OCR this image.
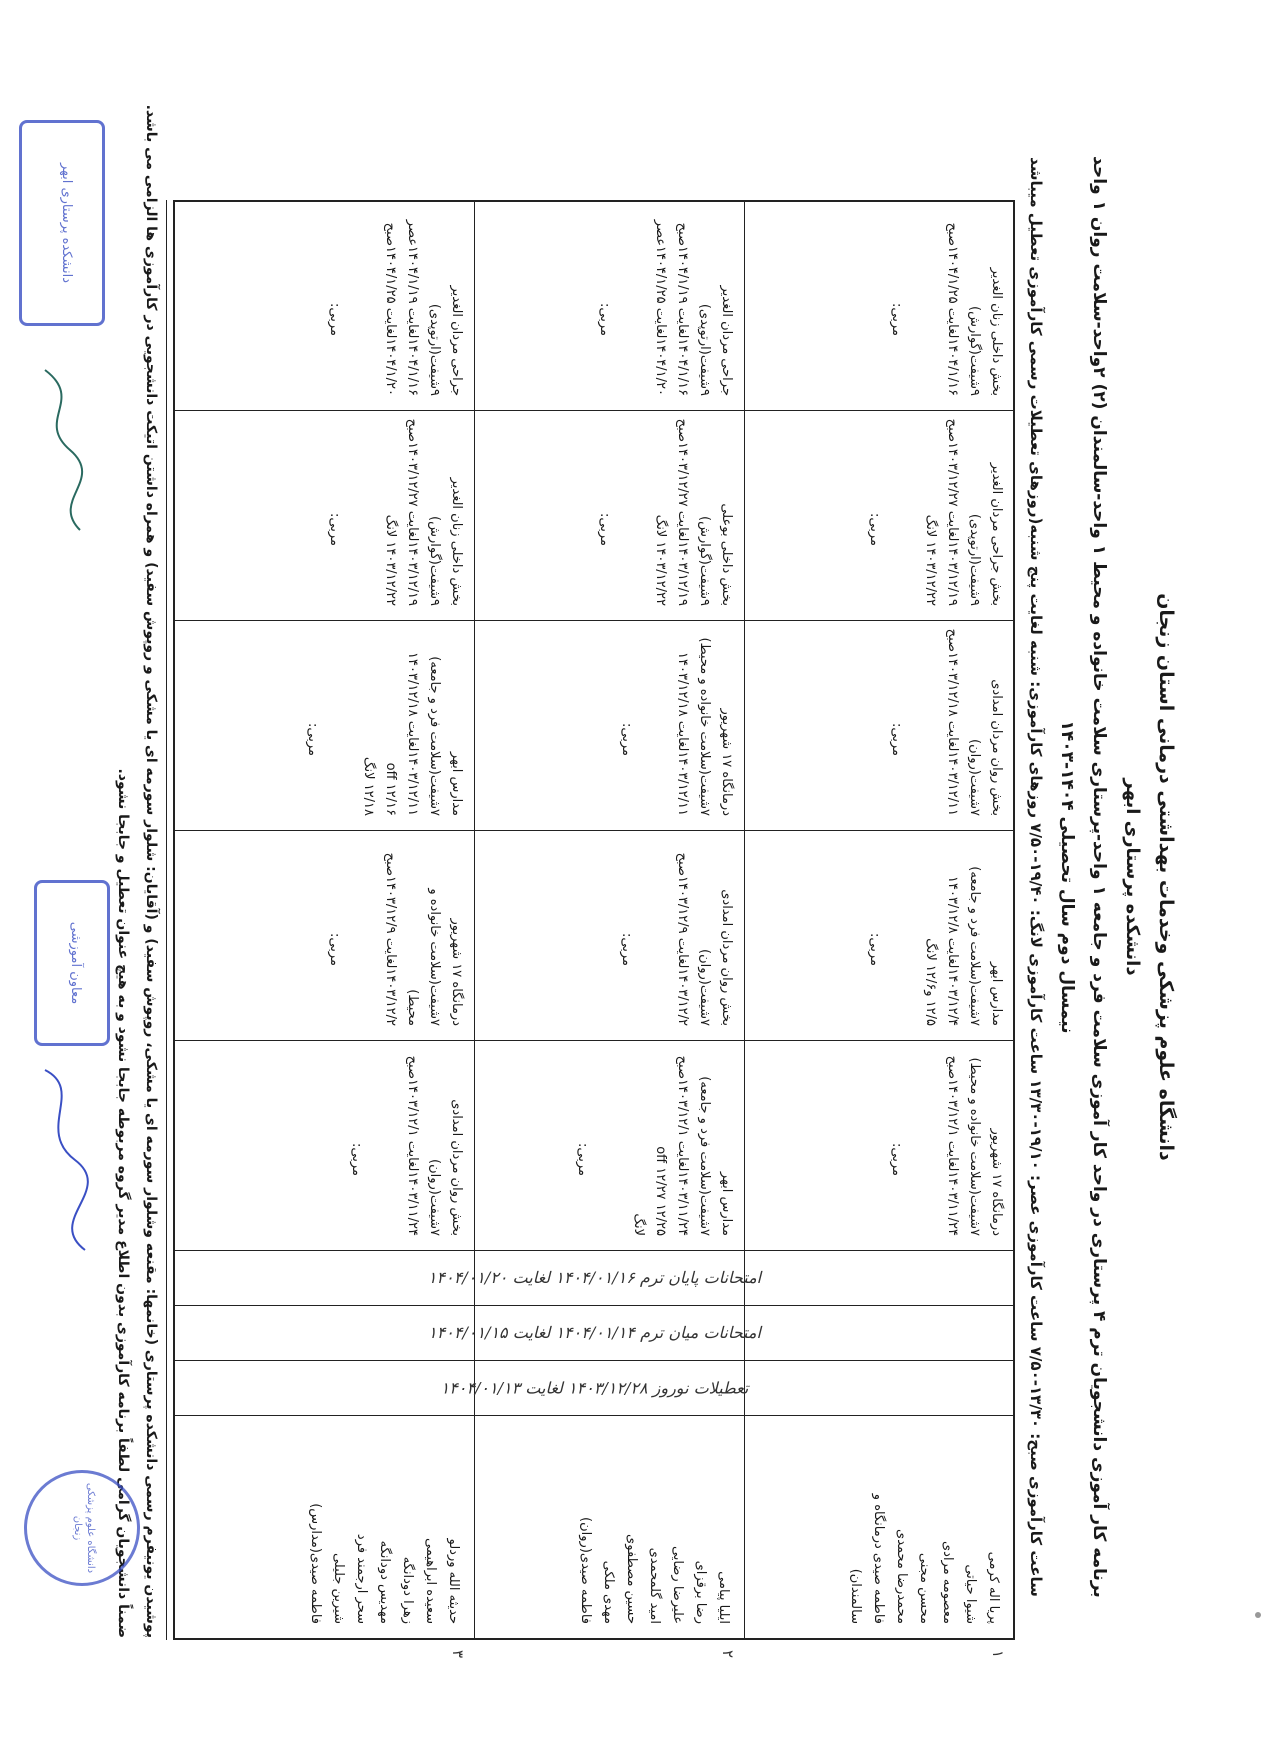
دانشگاه علوم پزشکی وخدمات بهداشتی درمانی استان زنجان
دانشکده پرستاری ابهر
برنامه کار آموزی دانشجویان ترم ۴ پرستاری در واحد کار آموزی سلامت فرد و جامعه ۱ واحد-پرستاری سلامت خانواده و محیط ۱ واحد-سالمندان (۲) ۲واحد-سلامت روان ۱ واحد
نیمسال دوم سال تحصیلی ۱۴۰۴-۱۴۰۳
ساعت کارآموزی صبح: ۱۳/۳۰-۷/۵۰ ساعت کارآموزی عصر: ۱۹/۱۰-۱۳/۳۰ ساعت کارآموزی لانگ: ۱۹/۴۰-۷/۵۰ روزهای کارآموزی: شنبه لغایت پنج شنبه(روزهای تعطیلات رسمی کارآموزی تعطیل میباشد
امتحانات پایان ترم ۱۴۰۴/۰۱/۱۶ لغایت ۱۴۰۴/۰۱/۲۰
امتحانات میان ترم ۱۴۰۴/۰۱/۱۴ لغایت ۱۴۰۴/۰۱/۱۵
تعطیلات نوروز ۱۴۰۳/۱۲/۲۸ لغایت ۱۴۰۴/۰۱/۱۳
پریا اله کرمی
شیوا حیاتی
معصومه مرادی
محسن مجنی
محمدرضا محمدی
فاطمه صیدی درمانگاه و
سالمندان)
۱
درمانگاه ۱۷ شهریور
۷شیفت(سلامت خانواده و محیط)
۱۴۰۳/۱۱/۲۴لغایت ۱۴۰۳/۱۲/۱صبح
مربی:
مدارس ابهر
۷شیفت(سلامت فرد و جامعه)
۱۴۰۳/۱۲/۴لغایت ۱۴۰۳/۱۲/۸
۱۲/۵ و۱۲/۶ لانگ
مربی:
بخش روان مردان امدادی
۷شیفت(روان)
۱۴۰۳/۱۲/۱۱لغایت ۱۴۰۳/۱۲/۱۸صبح
مربی:
بخش جراحی مردان الغدیر
۹شیفت(ارتوپدی)
۱۴۰۳/۱۲/۱۹لغایت ۱۴۰۳/۱۲/۲۷صبح
۱۴۰۳/۱۲/۲۲ لانگ
مربی:
بخش داخلی زنان الغدیر
۹شیفت(گوارش)
۱۴۰۴/۱/۱۶لغایت ۱۴۰۴/۱/۲۵صبح
مربی:
ایلیا پیامی
رضا برقزای
علیرضا رضایی
امید گلمحمدی
حسین مصطفوی
مهدی ملکی
فاطمه صیدی(روان)
۲
مدارس ابهر
۷شیفت(سلامت فرد و جامعه)
۱۴۰۳/۱۱/۲۴لغایت ۱۴۰۳/۱۲/۱صبح
۱۲/۲۵ off ۱۲/۲۷
لانگ
مربی:
بخش روان مردان امدادی
۷شیفت(روان)
۱۴۰۳/۱۲/۲لغایت ۱۴۰۳/۱۲/۹صبح
مربی:
درمانگاه ۱۷ شهریور
۷شیفت(سلامت خانواده و محیط)
۱۴۰۳/۱۲/۱۱لغایت ۱۴۰۳/۱۲/۱۸
مربی:
بخش داخلی بوعلی
۹شیفت(گوارش)
۱۴۰۳/۱۲/۱۹لغایت ۱۴۰۳/۱۲/۲۷صبح
۱۴۰۳/۱۲/۲۲ لانگ
مربی:
جراحی مردان الغدیر
۹شیفت(ارتوپدی)
۱۴۰۴/۱/۱۶لغایت ۱۴۰۴/۱/۱۹صبح
۱۴۰۴/۱/۲۰لغایت ۱۴۰۴/۱/۲۵عصر
مربی:
حدیثه الله وردلو
سعیده ابراهیمی
زهرا دودانگه
مهدیس دودانگه
سحر ارجمند فرد
شیرین جلیلی
فاطمه صیدی(مدارس)
۳
بخش روان مردان امدادی
۷شیفت(روان)
۱۴۰۳/۱۱/۲۴لغایت ۱۴۰۳/۱۲/۱صبح
مربی:
درمانگاه ۱۷ شهریور
۷شیفت(سلامت خانواده و
محیط)
۱۴۰۳/۱۲/۲لغایت ۱۴۰۳/۱۲/۹صبح
مربی:
مدارس ابهر
۷شیفت(سلامت فرد و جامعه)
۱۴۰۳/۱۲/۱۱لغایت ۱۴۰۳/۱۲/۱۸
off ۱۲/۱۶
۱۲/۱۸ لانگ
مربی:
بخش داخلی زنان الغدیر
۹شیفت(گوارش)
۱۴۰۳/۱۲/۱۹لغایت ۱۴۰۳/۱۲/۲۷صبح
۱۴۰۳/۱۲/۲۲ لانگ
مربی:
جراحی مردان الغدیر
۹شیفت(ارتوپدی)
۱۴۰۴/۱/۱۶لغایت ۱۴۰۴/۱/۱۹عصر
۱۴۰۴/۱/۲۰لغایت ۱۴۰۴/۱/۲۵صبح
مربی:
پوشیدن یونیفرم رسمی دانشکده پرستاری (خانمها: مقنعه وشلوار سورمه ای یا مشکی، روپوش سفید) و (آقایان: شلوار سورمه ای یا مشکی و روپوش سفید) و همراه داشتن اتیکت دانشجویی در کارآموزی ها الزامی می باشد.
ضمناً دانشجویان گرامی لطفاً برنامه کارآموزی بدون اطلاع مدیر گروه مربوطه جابجا نشود و به هیچ عنوان تعطیل و جابجا نشود.
دانشکده پرستاری ابهر
معاون آموزشی
دانشگاه علوم پزشکی زنجان
